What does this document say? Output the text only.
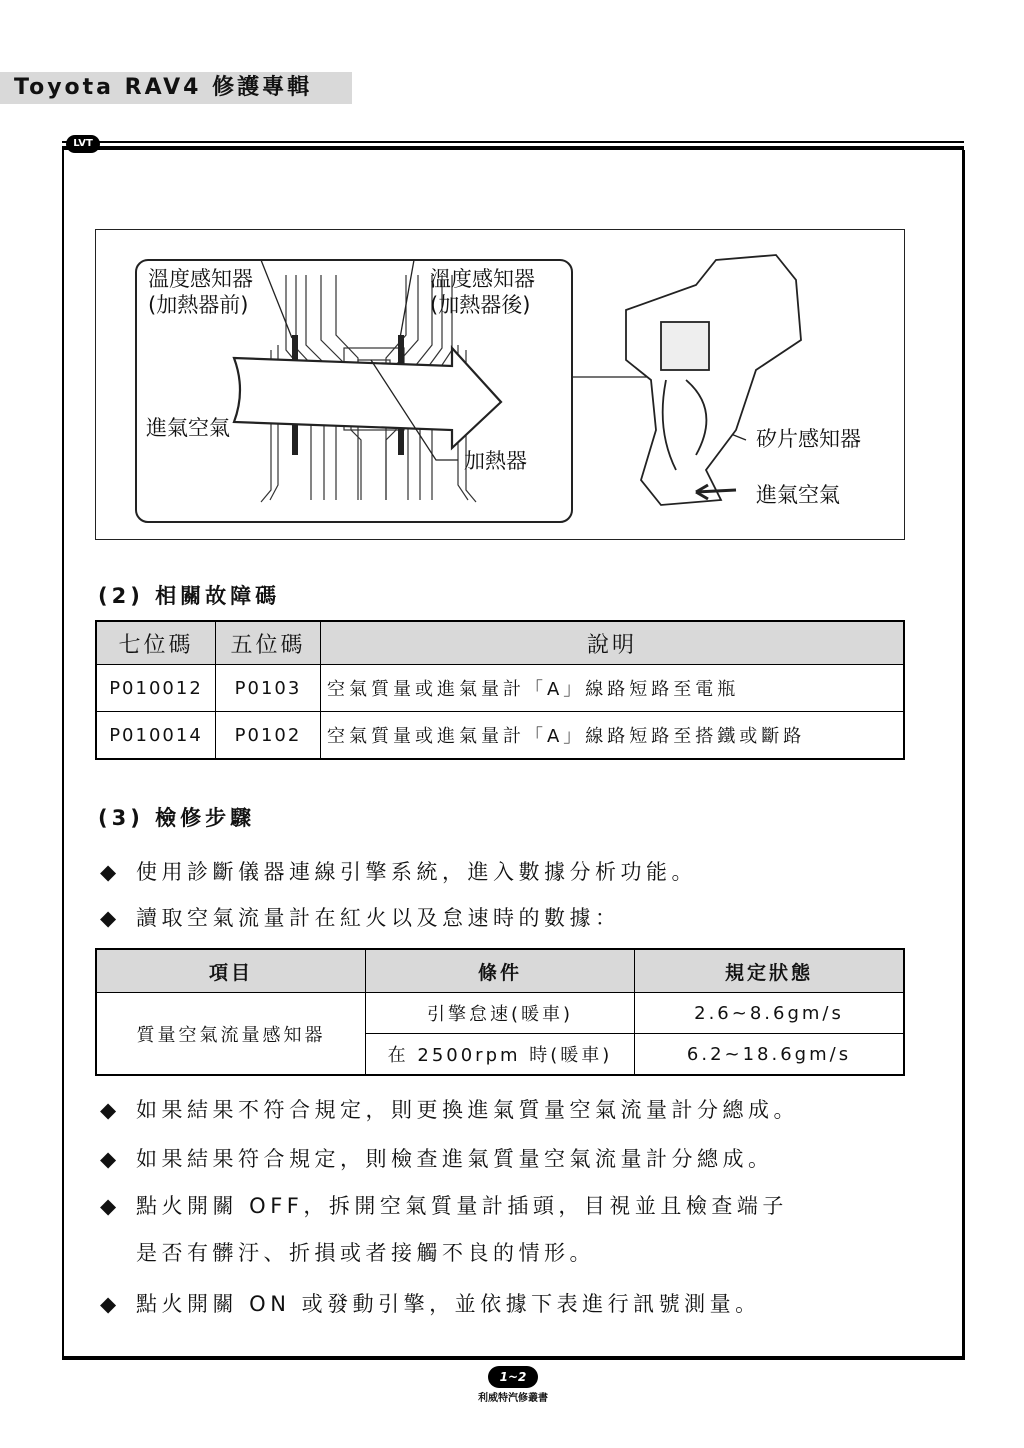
Toyota RAV4 修護專輯
LVT
溫度感知器
(加熱器前)
溫度感知器
(加熱器後)
進氣空氣
加熱器
矽片感知器
進氣空氣
(2) 相關故障碼
七位碼	五位碼	說明
P010012	P0103	空氣質量或進氣量計「A」線路短路至電瓶
P010014	P0102	空氣質量或進氣量計「A」線路短路至搭鐵或斷路
(3) 檢修步驟
◆ 使用診斷儀器連線引擎系統，進入數據分析功能。
◆ 讀取空氣流量計在紅火以及怠速時的數據：
項目	條件	規定狀態
質量空氣流量感知器	引擎怠速(暖車)	2.6~8.6gm/s
	在 2500rpm 時(暖車)	6.2~18.6gm/s
◆ 如果結果不符合規定，則更換進氣質量空氣流量計分總成。
◆ 如果結果符合規定，則檢查進氣質量空氣流量計分總成。
◆ 點火開關 OFF，拆開空氣質量計插頭，目視並且檢查端子
是否有髒汙、折損或者接觸不良的情形。
◆ 點火開關 ON 或發動引擎，並依據下表進行訊號測量。
1~2
利威特汽修叢書
